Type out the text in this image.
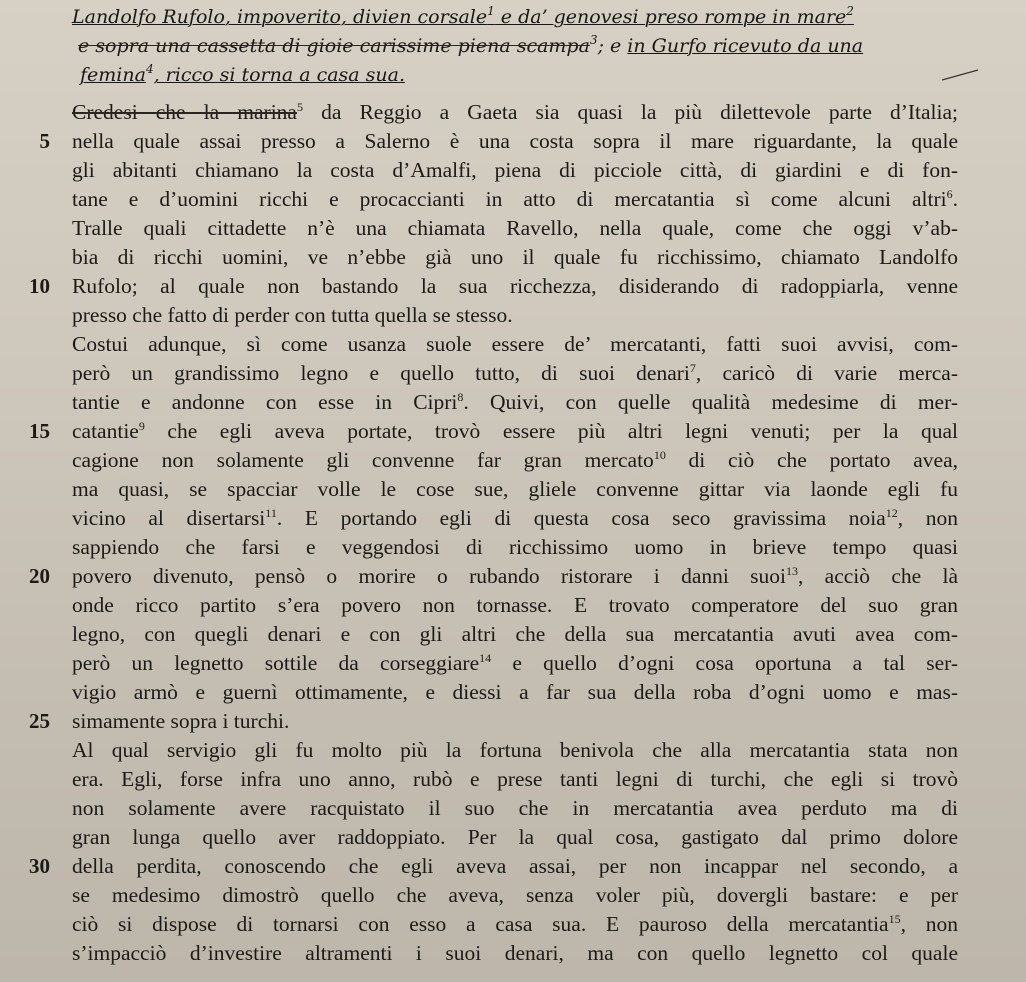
Landolfo Rufolo, impoverito, divien corsale$^1$ e da’ genovesi preso rompe in mare$^2$
e sopra una cassetta di gioie carissime piena scampa$^3$; e in Gurfo ricevuto da una
femina$^4$, ricco si torna a casa sua.
Credesi che la marina$^5$ da Reggio a Gaeta sia quasi la più dilettevole parte d’Italia;
5 nella quale assai presso a Salerno è una costa sopra il mare riguardante, la quale
gli abitanti chiamano la costa d’Amalfi, piena di picciole città, di giardini e di fon-
tane e d’uomini ricchi e procaccianti in atto di mercatantia sì come alcuni altri$^6$.
Tralle quali cittadette n’è una chiamata Ravello, nella quale, come che oggi v’ab-
bia di ricchi uomini, ve n’ebbe già uno il quale fu ricchissimo, chiamato Landolfo
10 Rufolo; al quale non bastando la sua ricchezza, disiderando di radoppiarla, venne
presso che fatto di perder con tutta quella se stesso.
Costui adunque, sì come usanza suole essere de’ mercatanti, fatti suoi avvisi, com-
però un grandissimo legno e quello tutto, di suoi denari$^7$, caricò di varie merca-
tantie e andonne con esse in Cipri$^8$. Quivi, con quelle qualità medesime di mer-
15 catantie$^9$ che egli aveva portate, trovò essere più altri legni venuti; per la qual
cagione non solamente gli convenne far gran mercato$^{10}$ di ciò che portato avea,
ma quasi, se spacciar volle le cose sue, gliele convenne gittar via laonde egli fu
vicino al disertarsi$^{11}$. E portando egli di questa cosa seco gravissima noia$^{12}$, non
sappiendo che farsi e veggendosi di ricchissimo uomo in brieve tempo quasi
20 povero divenuto, pensò o morire o rubando ristorare i danni suoi$^{13}$, acciò che là
onde ricco partito s’era povero non tornasse. E trovato comperatore del suo gran
legno, con quegli denari e con gli altri che della sua mercatantia avuti avea com-
però un legnetto sottile da corseggiare$^{14}$ e quello d’ogni cosa oportuna a tal ser-
vigio armò e guernì ottimamente, e diessi a far sua della roba d’ogni uomo e mas-
25 simamente sopra i turchi.
Al qual servigio gli fu molto più la fortuna benivola che alla mercatantia stata non
era. Egli, forse infra uno anno, rubò e prese tanti legni di turchi, che egli si trovò
non solamente avere racquistato il suo che in mercatantia avea perduto ma di
gran lunga quello aver raddoppiato. Per la qual cosa, gastigato dal primo dolore
30 della perdita, conoscendo che egli aveva assai, per non incappar nel secondo, a
se medesimo dimostrò quello che aveva, senza voler più, dovergli bastare: e per
ciò si dispose di tornarsi con esso a casa sua. E pauroso della mercatantia$^{15}$, non
s’impacciò d’investire altramenti i suoi denari, ma con quello legnetto col quale
